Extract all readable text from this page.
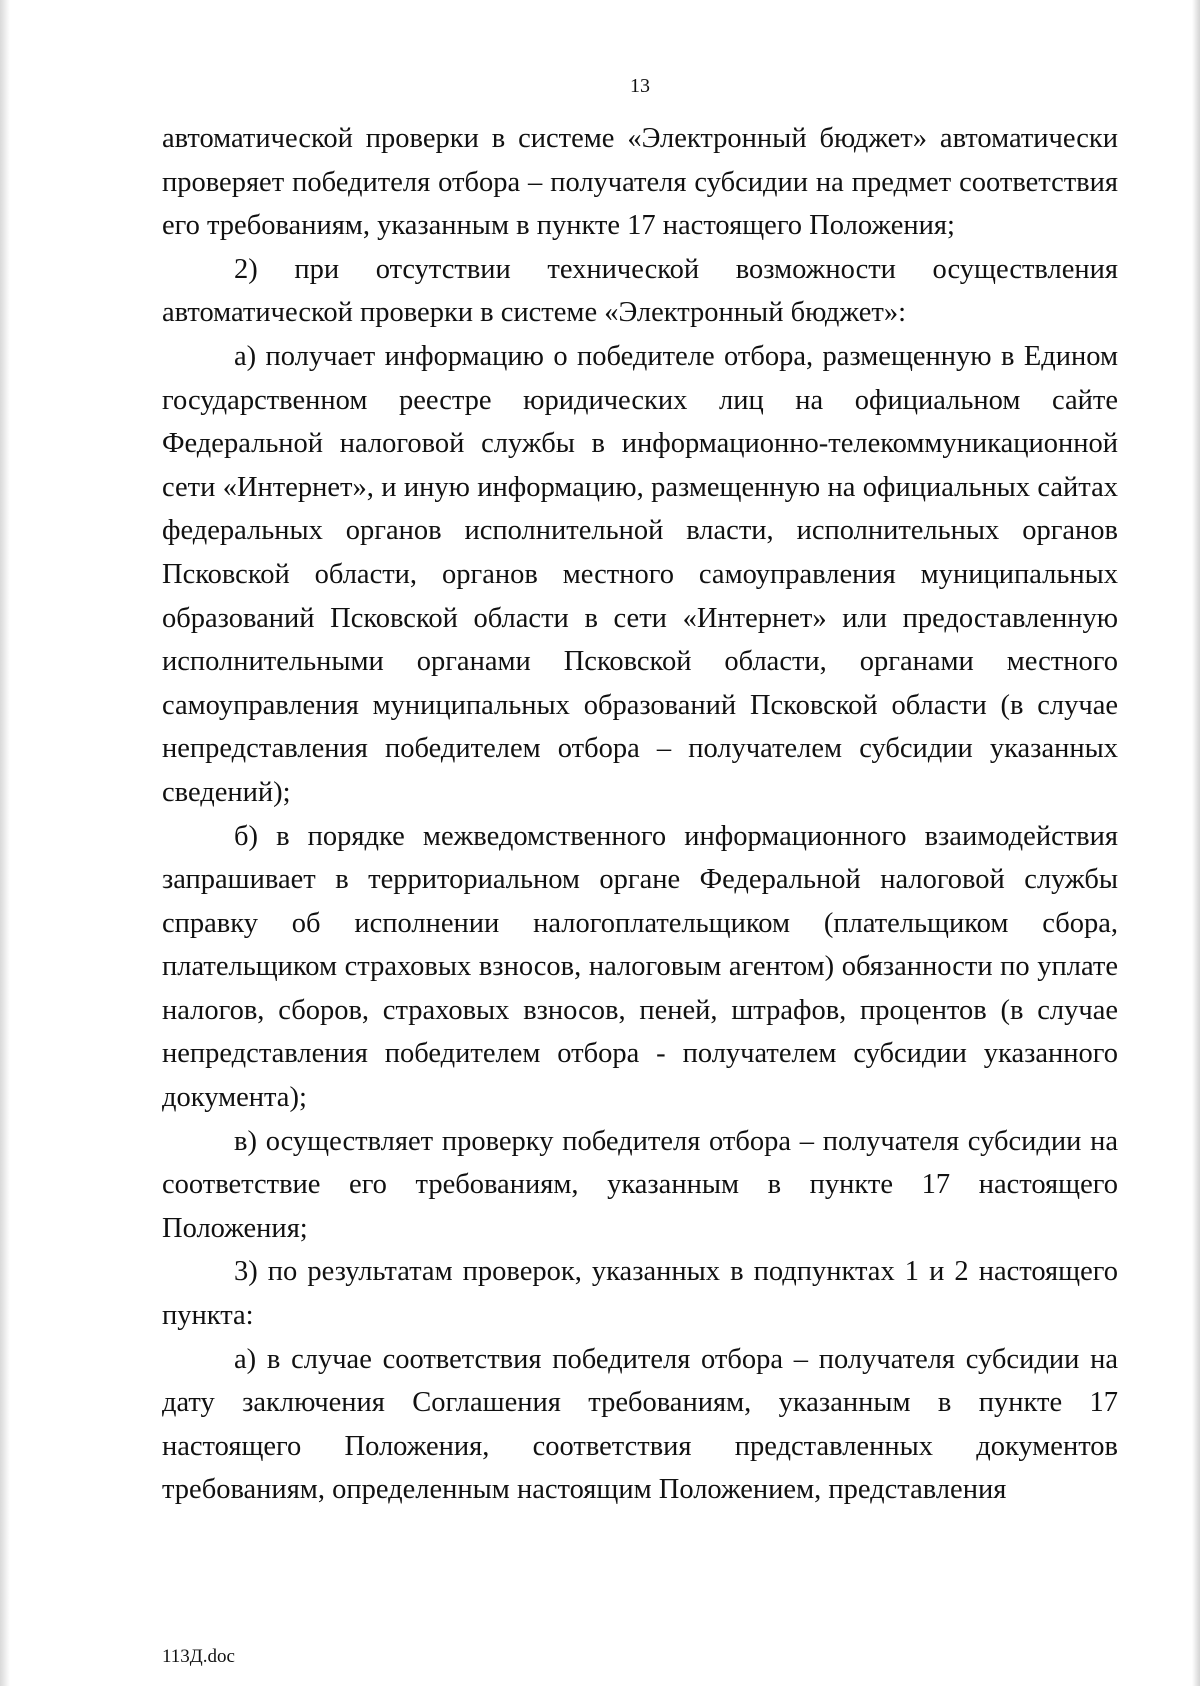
13

автоматической проверки в системе «Электронный бюджет» автоматически проверяет победителя отбора – получателя субсидии на предмет соответствия его требованиям, указанным в пункте 17 настоящего Положения;

2) при отсутствии технической возможности осуществления автоматической проверки в системе «Электронный бюджет»:

а) получает информацию о победителе отбора, размещенную в Едином государственном реестре юридических лиц на официальном сайте Федеральной налоговой службы в информационно-телекоммуникационной сети «Интернет», и иную информацию, размещенную на официальных сайтах федеральных органов исполнительной власти, исполнительных органов Псковской области, органов местного самоуправления муниципальных образований Псковской области в сети «Интернет» или предоставленную исполнительными органами Псковской области, органами местного самоуправления муниципальных образований Псковской области (в случае непредставления победителем отбора – получателем субсидии указанных сведений);

б) в порядке межведомственного информационного взаимодействия запрашивает в территориальном органе Федеральной налоговой службы справку об исполнении налогоплательщиком (плательщиком сбора, плательщиком страховых взносов, налоговым агентом) обязанности по уплате налогов, сборов, страховых взносов, пеней, штрафов, процентов (в случае непредставления победителем отбора - получателем субсидии указанного документа);

в) осуществляет проверку победителя отбора – получателя субсидии на соответствие его требованиям, указанным в пункте 17 настоящего Положения;

3) по результатам проверок, указанных в подпунктах 1 и 2 настоящего пункта:

а) в случае соответствия победителя отбора – получателя субсидии на дату заключения Соглашения требованиям, указанным в пункте 17 настоящего Положения, соответствия представленных документов требованиям, определенным настоящим Положением, представления

113Д.doc
